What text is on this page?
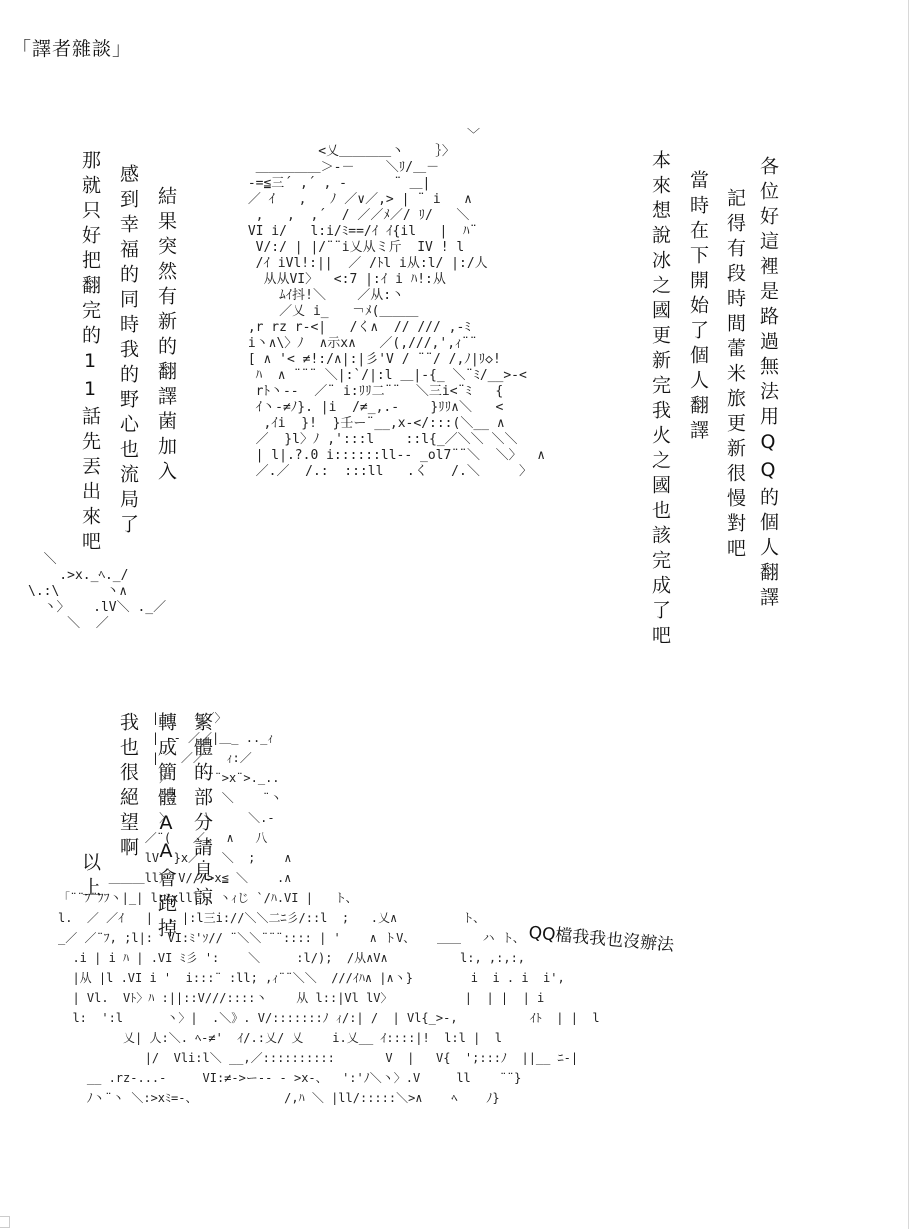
「譯者雜談」
各位好這裡是路過無法用QQ的個人翻譯
記得有段時間蕾米旅更新很慢對吧
當時在下開始了個人翻譯
本來想說冰之國更新完我火之國也該完成了吧
結果突然有新的翻譯菌加入
感到幸福的同時我的野心也流局了
那就只好把翻完的11話先丟出來吧
繁體的部分請見諒
轉成簡體AA會跑掉
我也很絕望啊
以上
﹀
<乂＿＿＿＿丶    ｝〉
＿＿＿＿＿＞-－    ＼ﾘ/＿－
-=≦三´ ,´ , -      ¨ ＿|
／ ｲ   ,   ﾉ ／∨／,> | ¨ i   ∧
,   ,  ,´  / ／／ﾒ／/ ﾘ/   ＼
VI i/   l:i/ﾐ==/ｲ ｲ{il   |  ﾊ¨
V/:/ | |/¨¨i乂从ミ斤  IV ! l
/ｲ iVl!:||  ／ /ﾄl i从:l/ |:/人
从从VI〉  <:7 |:ｲ i ﾊ!:从
ﾑｲ抖!＼    ／从:丶
／乂 i_   ￢ﾒ(＿＿＿
,r rz r-<|   /く∧  // /// ,-ﾐ
i丶∧\〉ﾉ  ∧示x∧   ／(,///,',ｨ¨¨
[ ∧ '< ≠!:/∧|:|彡'V / ¨¨/ /,ﾉ|ﾘ◇!
ﾊ  ∧ ¨¨¨ ＼|:`/|:l ＿|-{_ ＼¨ﾐ/__>-<
rﾄ丶--  ／¨ i:ﾘﾘ二¨¨  ＼三i<¨ﾐ   {
ｲ丶-≠ﾉ}. |i  /≠_,.-    }ﾘﾘ∧＼   <
,ｲi  }!  }壬ー¨__,x-</:::(＼__ ∧
／  }l〉ﾉ ,':::l    ::l{_／＼＼ ＼＼
| l|.?.0 i::::::ll-- _ol7¨¨＼  ＼〉  ∧
／.／  /.:  :::ll   .く   /.＼     〉
＼
.>x._ﾍ._/
\.:\      丶∧
丶〉   .lV＼ ._／
＼  ／
|      ／〉
| -- ／／|＿_ .._ｨ
|¨  ／／   ｨ:／
〉    ¨¨¨>x¨>._..
.く      ＼    ¨丶
〉    丶     ＼.-
／¨(   ／.  ∧   八
lV  }x／.  ＼  ;    ∧
＿＿＿ll〉 V///>x≦ ＼    .∧
「¨¨ﾌ¨ﾌﾌ丶|_| l:ﾐxlll＼ 丶ｨじ `/ﾊ.VI |   ト、
l.  ／ ／ｲ   |  , |:l三i://＼＼二ﾆ彡/::l  ;   .乂∧         ト、
_／ ／¨ﾌ, ;l|:  VI:ﾐ'ｿ// ¨＼＼¨¨¨:::: | '    ∧ トV、   ＿＿   ハ ト、
.i | i ﾊ | .VI ﾐ彡 ':    ＼     :l/);  /从∧V∧          l:, ,:,:,
|从 |l .VI i '  i:::¨ :ll; ,ｨ¨¨＼＼  ///ｲﾊ∧ |∧丶}        i  i . i  i',
| Vl.  Vﾄ〉ﾊ :||::V///::::丶    从 l::|Vl lV〉          |  | |  | i
l:  ':l      丶〉|  .＼》. V/:::::::ﾉ ｨ/:| /  | Vl{_>-,          ｲﾄ  | |  l
乂| 人:＼. ﾍ-≠'  ｲ/.:乂/ 乂    i.乂__ ｲ::::|!  l:l |  l
|/  Vli:l＼ __,／::::::::::       V  |   V{  ';:::ﾉ  ||__ ﾆ-|
__ .rz-...-     VI:≠->ー-- - >x-、  ':'ﾉ＼丶〉.V     ll    ¨¨}
ﾉ丶¨丶 ＼:>xﾐ=-、            /,ﾊ ＼ |ll/:::::＼>∧    ﾍ    ﾉ}
QQ檔我我也沒辦法
